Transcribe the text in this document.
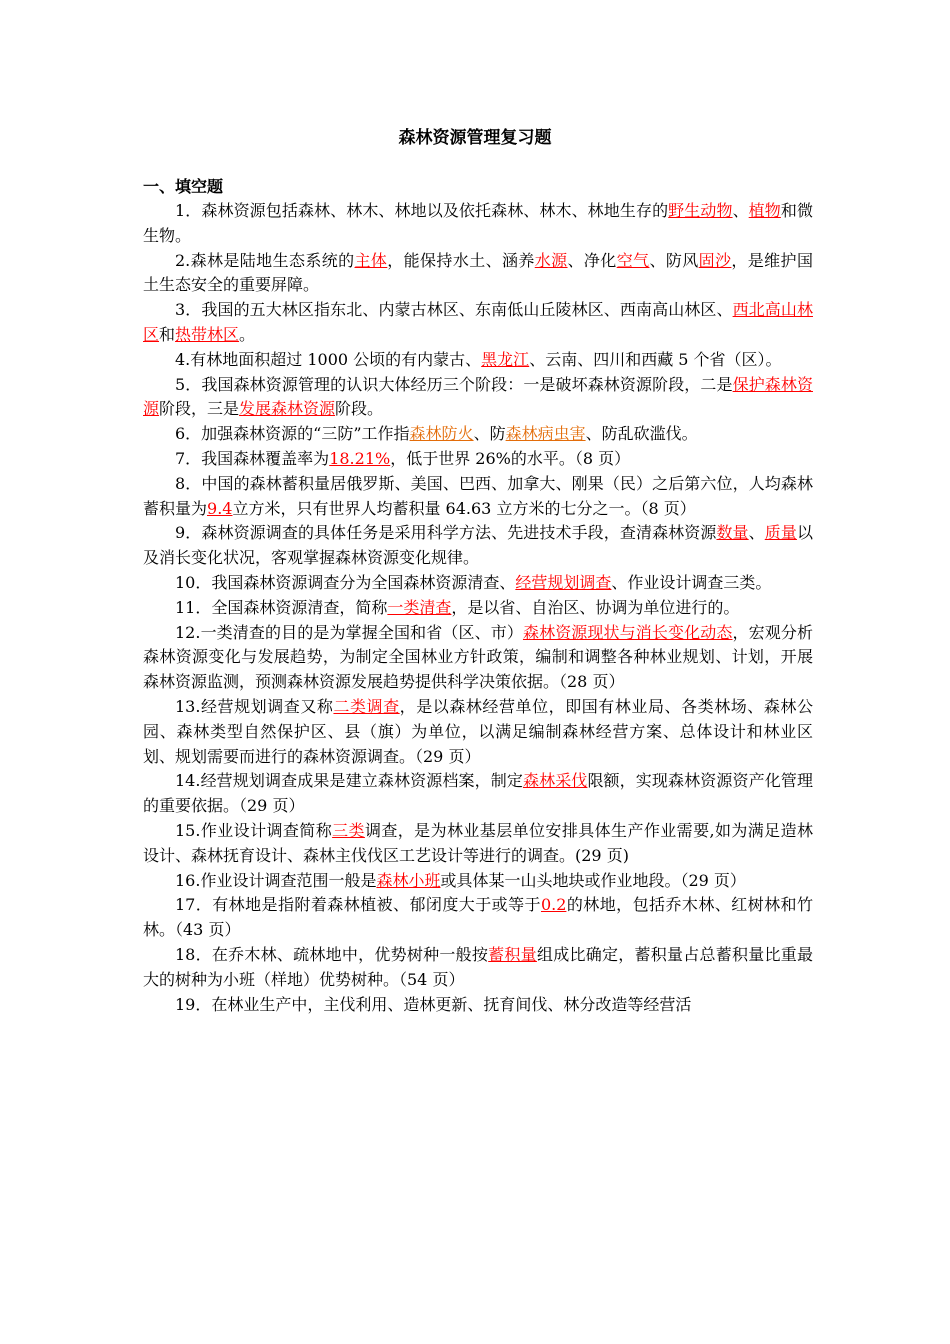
森林资源管理复习题
一、填空题

1．森林资源包括森林、林木、林地以及依托森林、林木、林地生存的野生动物、植物和微生物。

2.森林是陆地生态系统的主体，能保持水土、涵养水源、净化空气、防风固沙，是维护国土生态安全的重要屏障。

3．我国的五大林区指东北、内蒙古林区、东南低山丘陵林区、西南高山林区、西北高山林区和热带林区。

4.有林地面积超过 1000 公顷的有内蒙古、黑龙江、云南、四川和西藏 5 个省（区）。

5．我国森林资源管理的认识大体经历三个阶段：一是破坏森林资源阶段，二是保护森林资源阶段，三是发展森林资源阶段。

6．加强森林资源的“三防”工作指森林防火、防森林病虫害、防乱砍滥伐。

7．我国森林覆盖率为18.21%，低于世界 26%的水平。（8 页）

8．中国的森林蓄积量居俄罗斯、美国、巴西、加拿大、刚果（民）之后第六位，人均森林蓄积量为9.4立方米，只有世界人均蓄积量 64.63 立方米的七分之一。（8 页）

9．森林资源调查的具体任务是采用科学方法、先进技术手段，查清森林资源数量、质量以及消长变化状况，客观掌握森林资源变化规律。

10．我国森林资源调查分为全国森林资源清查、经营规划调查、作业设计调查三类。

11．全国森林资源清查，简称一类清查，是以省、自治区、协调为单位进行的。

12.一类清查的目的是为掌握全国和省（区、市）森林资源现状与消长变化动态，宏观分析森林资源变化与发展趋势，为制定全国林业方针政策，编制和调整各种林业规划、计划，开展森林资源监测，预测森林资源发展趋势提供科学决策依据。（28 页）

13.经营规划调查又称二类调查，是以森林经营单位，即国有林业局、各类林场、森林公园、森林类型自然保护区、县（旗）为单位，以满足编制森林经营方案、总体设计和林业区划、规划需要而进行的森林资源调查。（29 页）

14.经营规划调查成果是建立森林资源档案，制定森林采伐限额，实现森林资源资产化管理的重要依据。（29 页）

15.作业设计调查简称三类调查，是为林业基层单位安排具体生产作业需要,如为满足造林设计、森林抚育设计、森林主伐伐区工艺设计等进行的调查。(29 页)

16.作业设计调查范围一般是森林小班或具体某一山头地块或作业地段。（29 页）

17．有林地是指附着森林植被、郁闭度大于或等于0.2的林地，包括乔木林、红树林和竹林。（43 页）

18．在乔木林、疏林地中，优势树种一般按蓄积量组成比确定，蓄积量占总蓄积量比重最大的树种为小班（样地）优势树种。（54 页）

19．在林业生产中，主伐利用、造林更新、抚育间伐、林分改造等经营活
